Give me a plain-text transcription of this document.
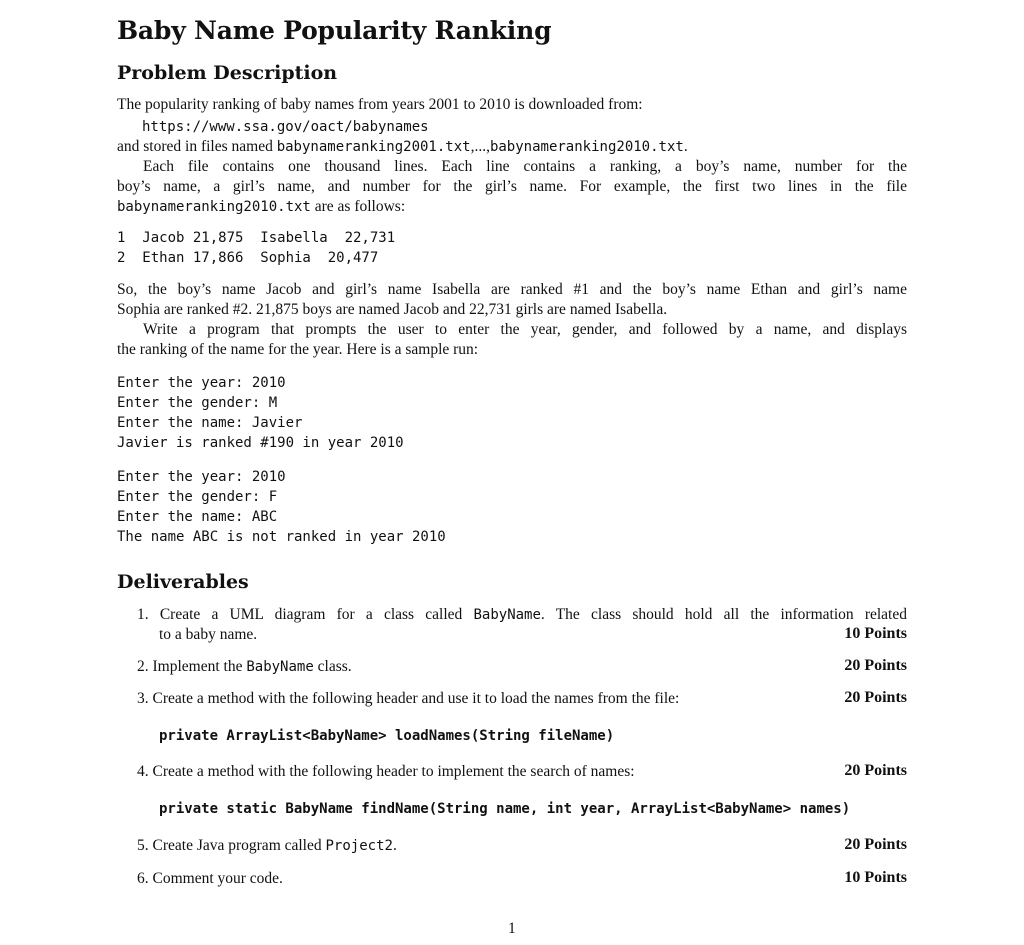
Baby Name Popularity Ranking
Problem Description
The popularity ranking of baby names from years 2001 to 2010 is downloaded from:
https://www.ssa.gov/oact/babynames
and stored in files named babynameranking2001.txt,...,babynameranking2010.txt.
Each file contains one thousand lines. Each line contains a ranking, a boy’s name, number for the
boy’s name, a girl’s name, and number for the girl’s name. For example, the first two lines in the file
babynameranking2010.txt are as follows:
1  Jacob 21,875  Isabella  22,731
2  Ethan 17,866  Sophia  20,477
So, the boy’s name Jacob and girl’s name Isabella are ranked #1 and the boy’s name Ethan and girl’s name
Sophia are ranked #2. 21,875 boys are named Jacob and 22,731 girls are named Isabella.
Write a program that prompts the user to enter the year, gender, and followed by a name, and displays
the ranking of the name for the year. Here is a sample run:
Enter the year: 2010
Enter the gender: M
Enter the name: Javier
Javier is ranked #190 in year 2010
Enter the year: 2010
Enter the gender: F
Enter the name: ABC
The name ABC is not ranked in year 2010
Deliverables
1. Create a UML diagram for a class called BabyName. The class should hold all the information related
to a baby name.	10 Points
2. Implement the BabyName class.	20 Points
3. Create a method with the following header and use it to load the names from the file:	20 Points
private ArrayList<BabyName> loadNames(String fileName)
4. Create a method with the following header to implement the search of names:	20 Points
private static BabyName findName(String name, int year, ArrayList<BabyName> names)
5. Create Java program called Project2.	20 Points
6. Comment your code.	10 Points
1
